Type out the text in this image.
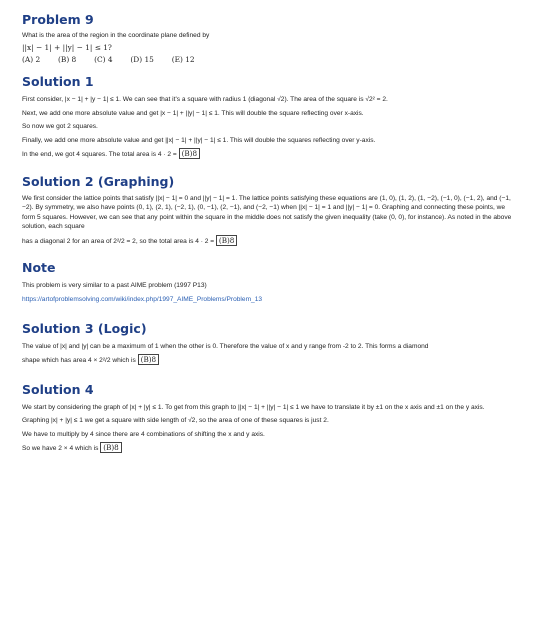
Problem 9

What is the area of the region in the coordinate plane defined by

||x| − 1| + ||y| − 1| ≤ 1?

(A) 2 (B) 8 (C) 4 (D) 15 (E) 12
Solution 1

First consider, |x − 1| + |y − 1| ≤ 1. We can see that it's a square with radius 1 (diagonal √2). The area of the square is √2² = 2.

Next, we add one more absolute value and get |x − 1| + ||y| − 1| ≤ 1. This will double the square reflecting over x-axis.

So now we got 2 squares.

Finally, we add one more absolute value and get ||x| − 1| + ||y| − 1| ≤ 1. This will double the squares reflecting over y-axis.

In the end, we got 4 squares. The total area is 4 · 2 = (B)8

Solution 2 (Graphing)

We first consider the lattice points that satisfy ||x| − 1| = 0 and ||y| − 1| = 1. The lattice points satisfying these equations are (1, 0), (1, 2), (1, −2), (−1, 0), (−1, 2), and (−1, −2). By symmetry, we also have points (0, 1), (2, 1), (−2, 1), (0, −1), (2, −1), and (−2, −1) when ||x| − 1| = 1 and ||y| − 1| = 0. Graphing and connecting these points, we form 5 squares. However, we can see that any point within the square in the middle does not satisfy the given inequality (take (0, 0), for instance). As noted in the above solution, each square

has a diagonal 2 for an area of 2²/2 = 2, so the total area is 4 · 2 = (B)8

Note

This problem is very similar to a past AIME problem (1997 P13)

https://artofproblemsolving.com/wiki/index.php/1997_AIME_Problems/Problem_13

Solution 3 (Logic)

The value of |x| and |y| can be a maximum of 1 when the other is 0. Therefore the value of x and y range from -2 to 2. This forms a diamond

shape which has area 4 × 2²/2 which is (B)8

Solution 4

We start by considering the graph of |x| + |y| ≤ 1. To get from this graph to ||x| − 1| + ||y| − 1| ≤ 1 we have to translate it by ±1 on the x axis and ±1 on the y axis.

Graphing |x| + |y| ≤ 1 we get a square with side length of √2, so the area of one of these squares is just 2.

We have to multiply by 4 since there are 4 combinations of shifting the x and y axis.

So we have 2 × 4 which is (B)8
